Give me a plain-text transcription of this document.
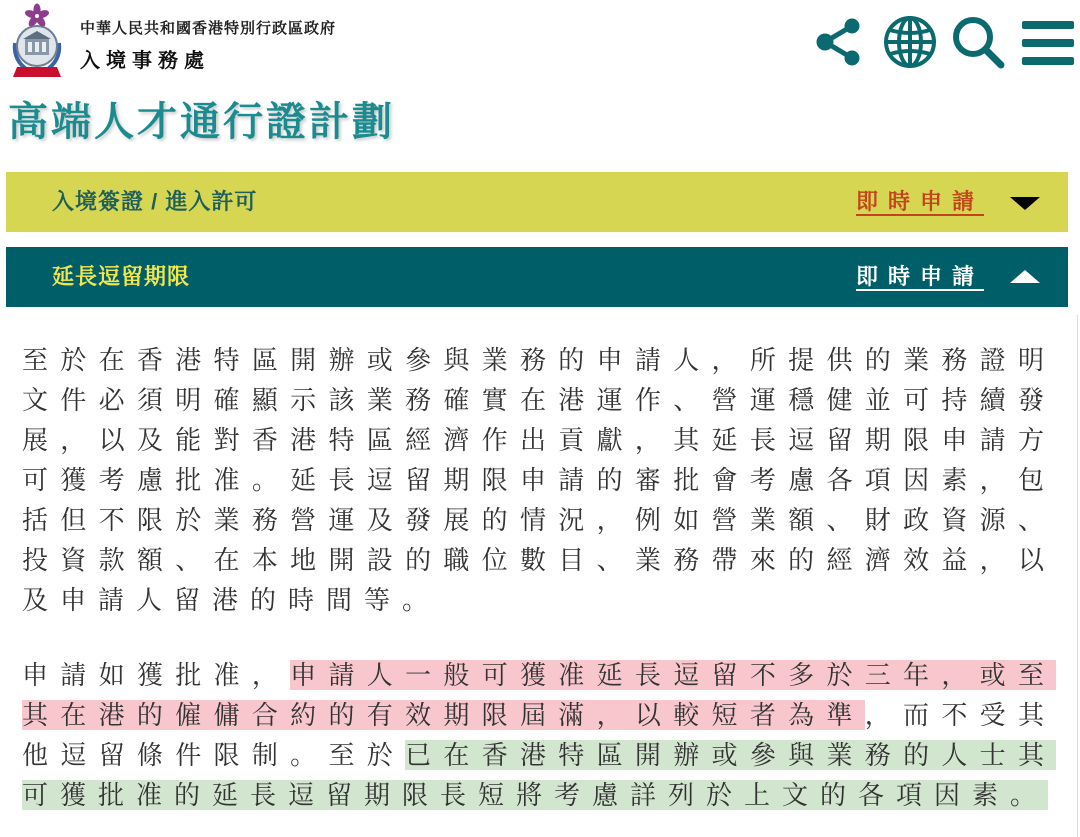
中華人民共和國香港特別行政區政府
入境事務處
高端人才通行證計劃
入境簽證 / 進入許可	即時申請
延長逗留期限	即時申請

至於在香港特區開辦或參與業務的申請人，所提供的業務證明文件必須明確顯示該業務確實在港運作、營運穩健並可持續發展，以及能對香港特區經濟作出貢獻，其延長逗留期限申請方可獲考慮批准。延長逗留期限申請的審批會考慮各項因素，包括但不限於業務營運及發展的情況，例如營業額、財政資源、投資款額、在本地開設的職位數目、業務帶來的經濟效益，以及申請人留港的時間等。

申請如獲批准，申請人一般可獲准延長逗留不多於三年，或至其在港的僱傭合約的有效期限屆滿，以較短者為準，而不受其他逗留條件限制。至於已在香港特區開辦或參與業務的人士其可獲批准的延長逗留期限長短將考慮詳列於上文的各項因素。
